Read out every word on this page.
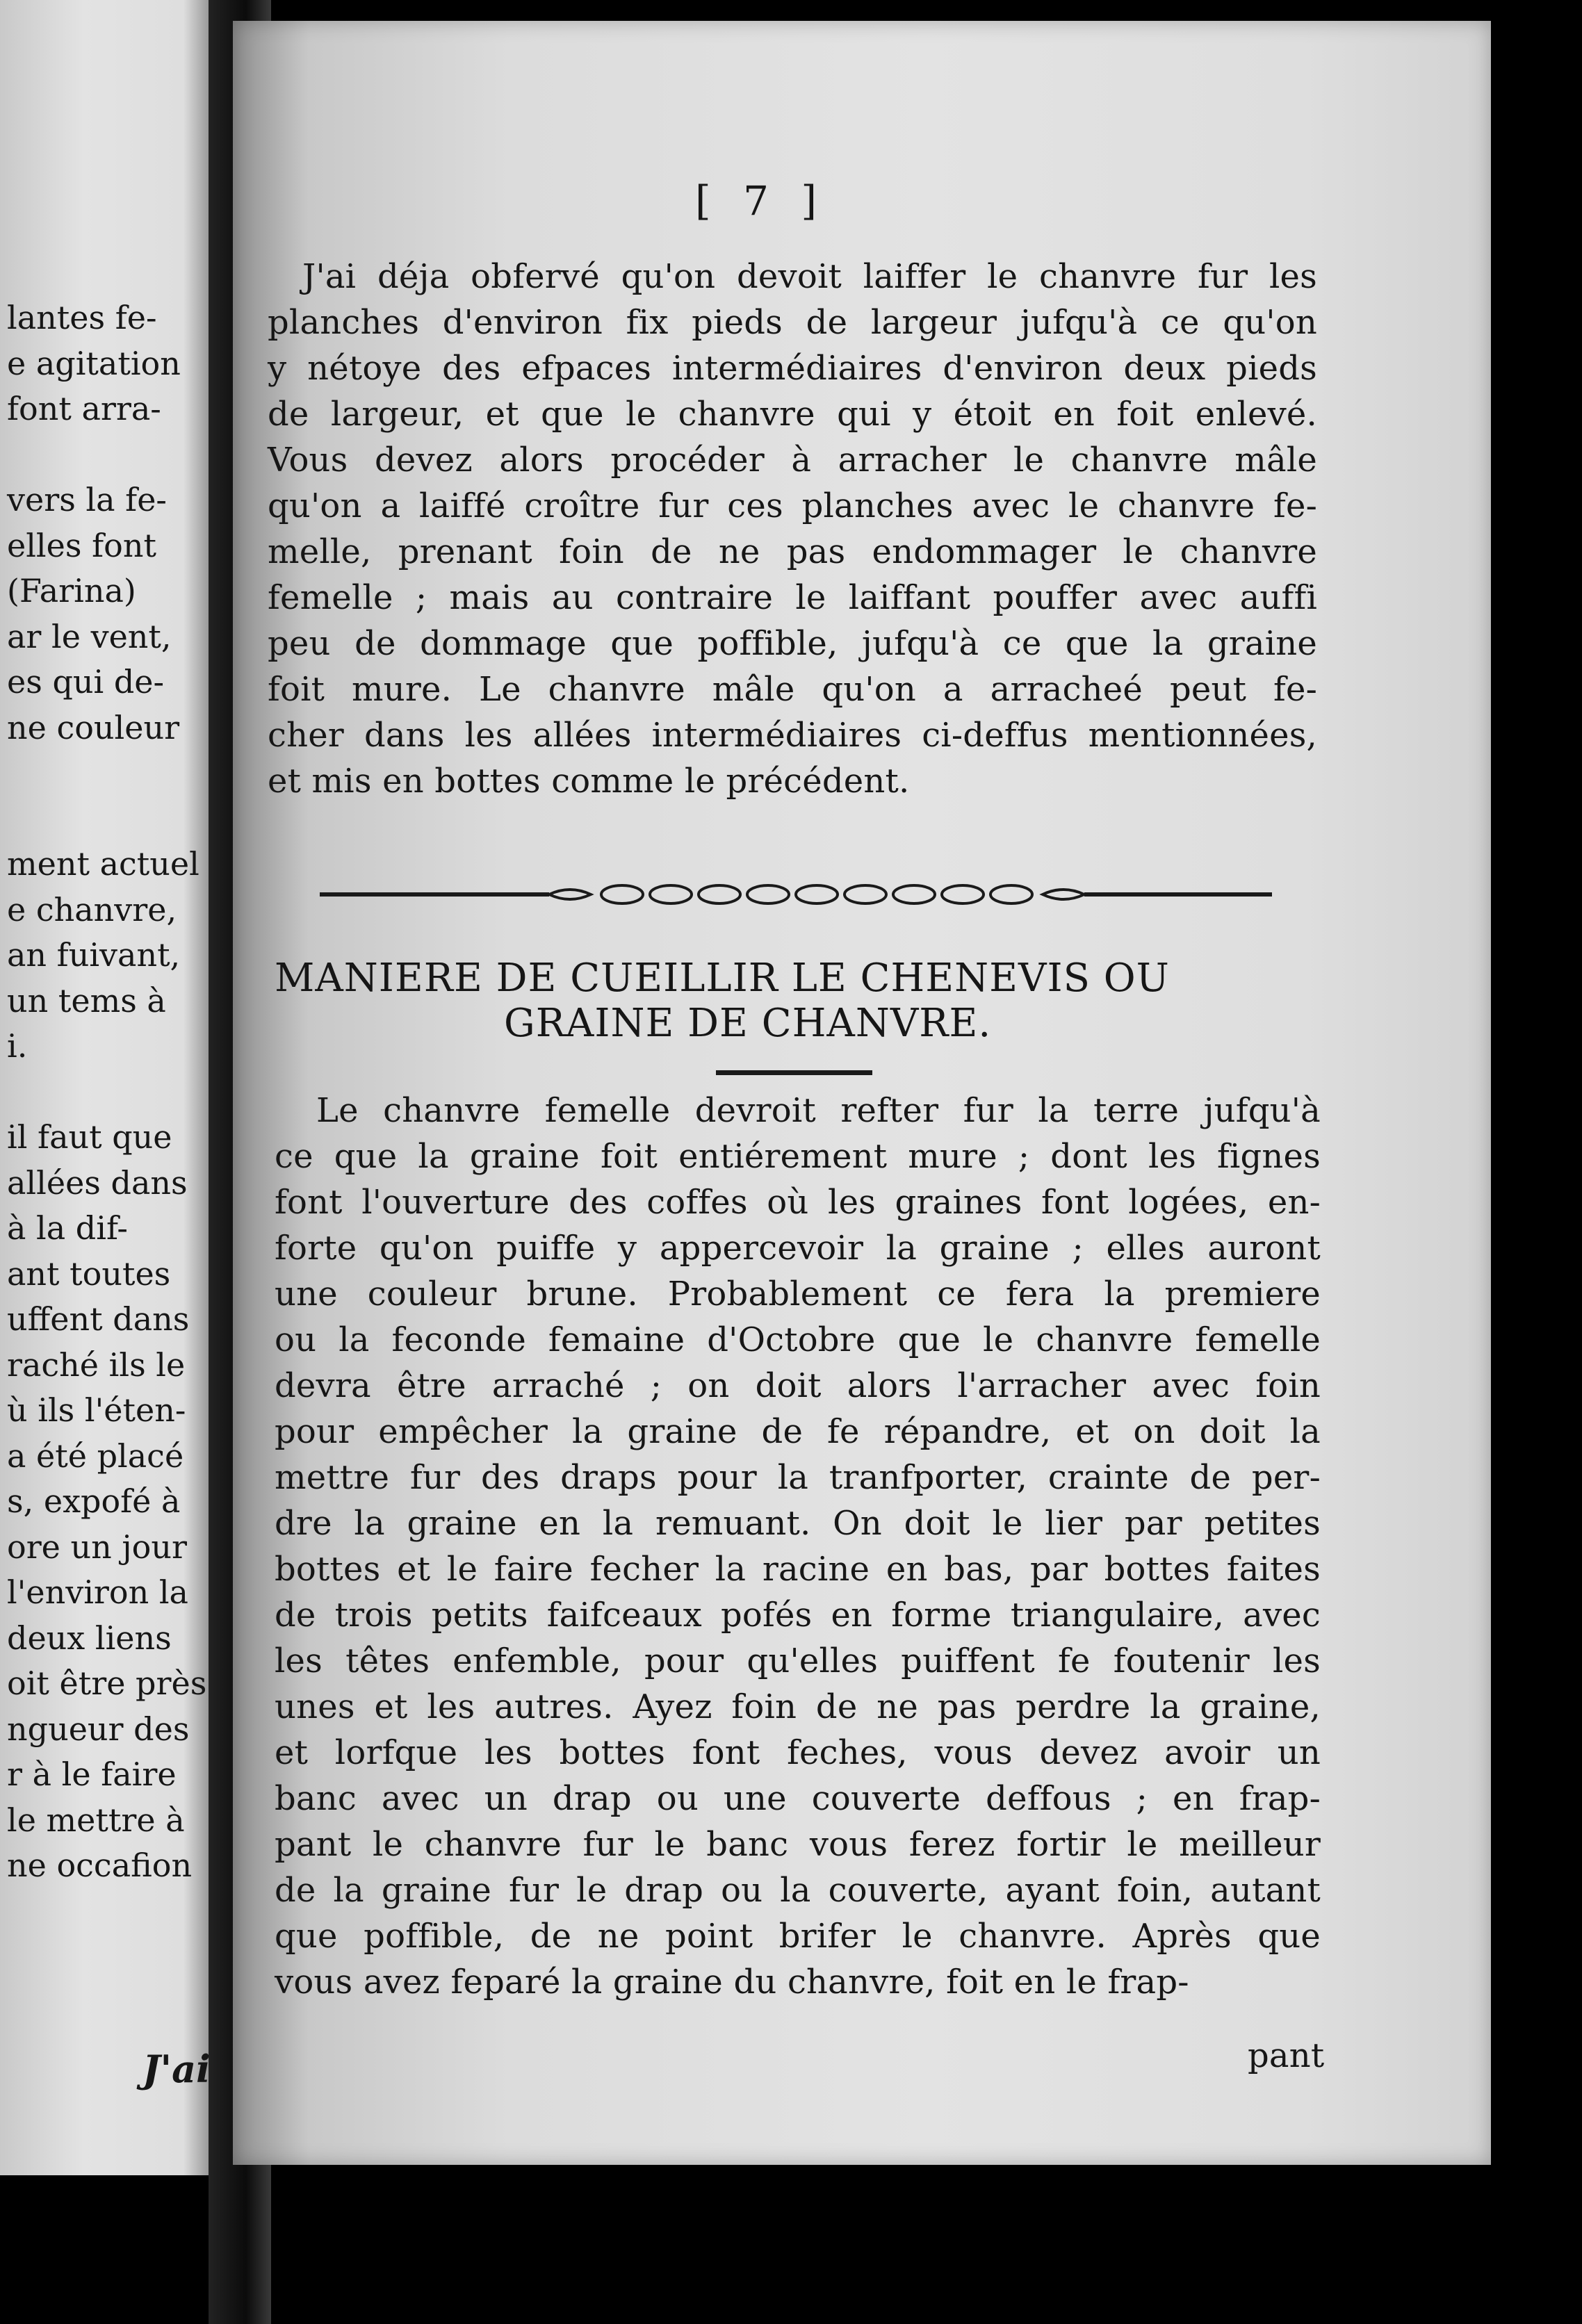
lantes fe-
e agitation
font arra-
vers la fe-
elles font
(Farina)
ar le vent,
es qui de-
ne couleur
ment actuel
e chanvre,
an fuivant,
un tems à
i.
il faut que
allées dans
à la dif-
ant toutes
uffent dans
raché ils le
ù ils l'éten-
a été placé
s, expofé à
ore un jour
l'environ la
deux liens
oit être près
ngueur des
r à le faire
le mettre à
ne occafion
J'ai
[ 7 ]
J'ai déja obfervé qu'on devoit laiffer le chanvre fur les
planches d'environ fix pieds de largeur jufqu'à ce qu'on
y nétoye des efpaces intermédiaires d'environ deux pieds
de largeur, et que le chanvre qui y étoit en foit enlevé.
Vous devez alors procéder à arracher le chanvre mâle
qu'on a laiffé croître fur ces planches avec le chanvre fe-
melle, prenant foin de ne pas endommager le chanvre
femelle ; mais au contraire le laiffant pouffer avec auffi
peu de dommage que poffible, jufqu'à ce que la graine
foit mure. Le chanvre mâle qu'on a arracheé peut fe-
cher dans les allées intermédiaires ci-deffus mentionnées,
et mis en bottes comme le précédent.
MANIERE DE CUEILLIR LE CHENEVIS OU
GRAINE DE CHANVRE.
Le chanvre femelle devroit refter fur la terre jufqu'à
ce que la graine foit entiérement mure ; dont les fignes
font l'ouverture des coffes où les graines font logées, en-
forte qu'on puiffe y appercevoir la graine ; elles auront
une couleur brune. Probablement ce fera la premiere
ou la feconde femaine d'Octobre que le chanvre femelle
devra être arraché ; on doit alors l'arracher avec foin
pour empêcher la graine de fe répandre, et on doit la
mettre fur des draps pour la tranfporter, crainte de per-
dre la graine en la remuant. On doit le lier par petites
bottes et le faire fecher la racine en bas, par bottes faites
de trois petits faifceaux pofés en forme triangulaire, avec
les têtes enfemble, pour qu'elles puiffent fe foutenir les
unes et les autres. Ayez foin de ne pas perdre la graine,
et lorfque les bottes font feches, vous devez avoir un
banc avec un drap ou une couverte deffous ; en frap-
pant le chanvre fur le banc vous ferez fortir le meilleur
de la graine fur le drap ou la couverte, ayant foin, autant
que poffible, de ne point brifer le chanvre. Après que
vous avez feparé la graine du chanvre, foit en le frap-
pant
